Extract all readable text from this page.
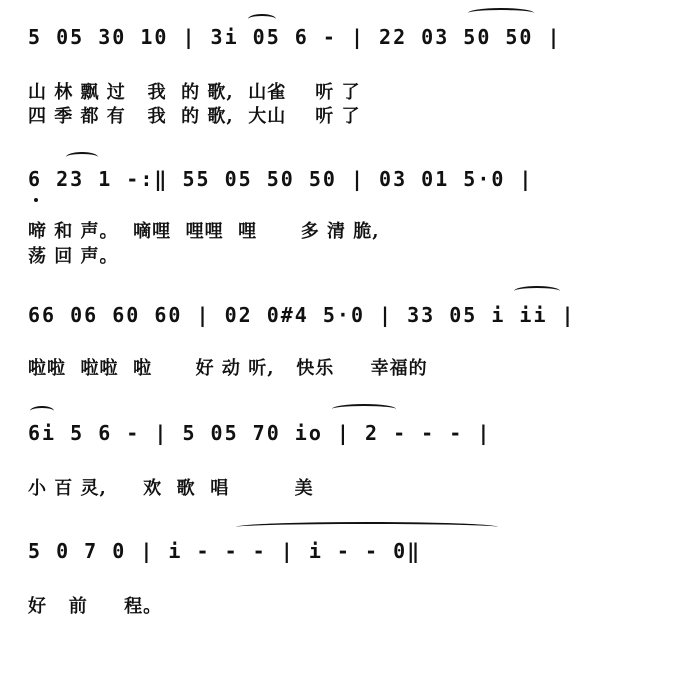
5 05 30 10 | 3i 05 6 - | 22 03 50 50 |
山 林 飘 过   我  的 歌,  山雀    听 了
四 季 都 有   我  的 歌,  大山    听 了
6 23 1 -:‖ 55 05 50 50 | 03 01 5·0 |
啼 和 声。  嘀哩  哩哩  哩      多 清 脆,
荡 回 声。
66 06 60 60 | 02 0#4 5·0 | 33 05 i ii |
啦啦  啦啦  啦      好 动 听,   快乐     幸福的
6i 5 6 - | 5 05 70 io | 2 - - - |
小 百 灵,     欢  歌  唱         美
5 0 7 0 | i - - - | i - - 0‖
好   前     程。
